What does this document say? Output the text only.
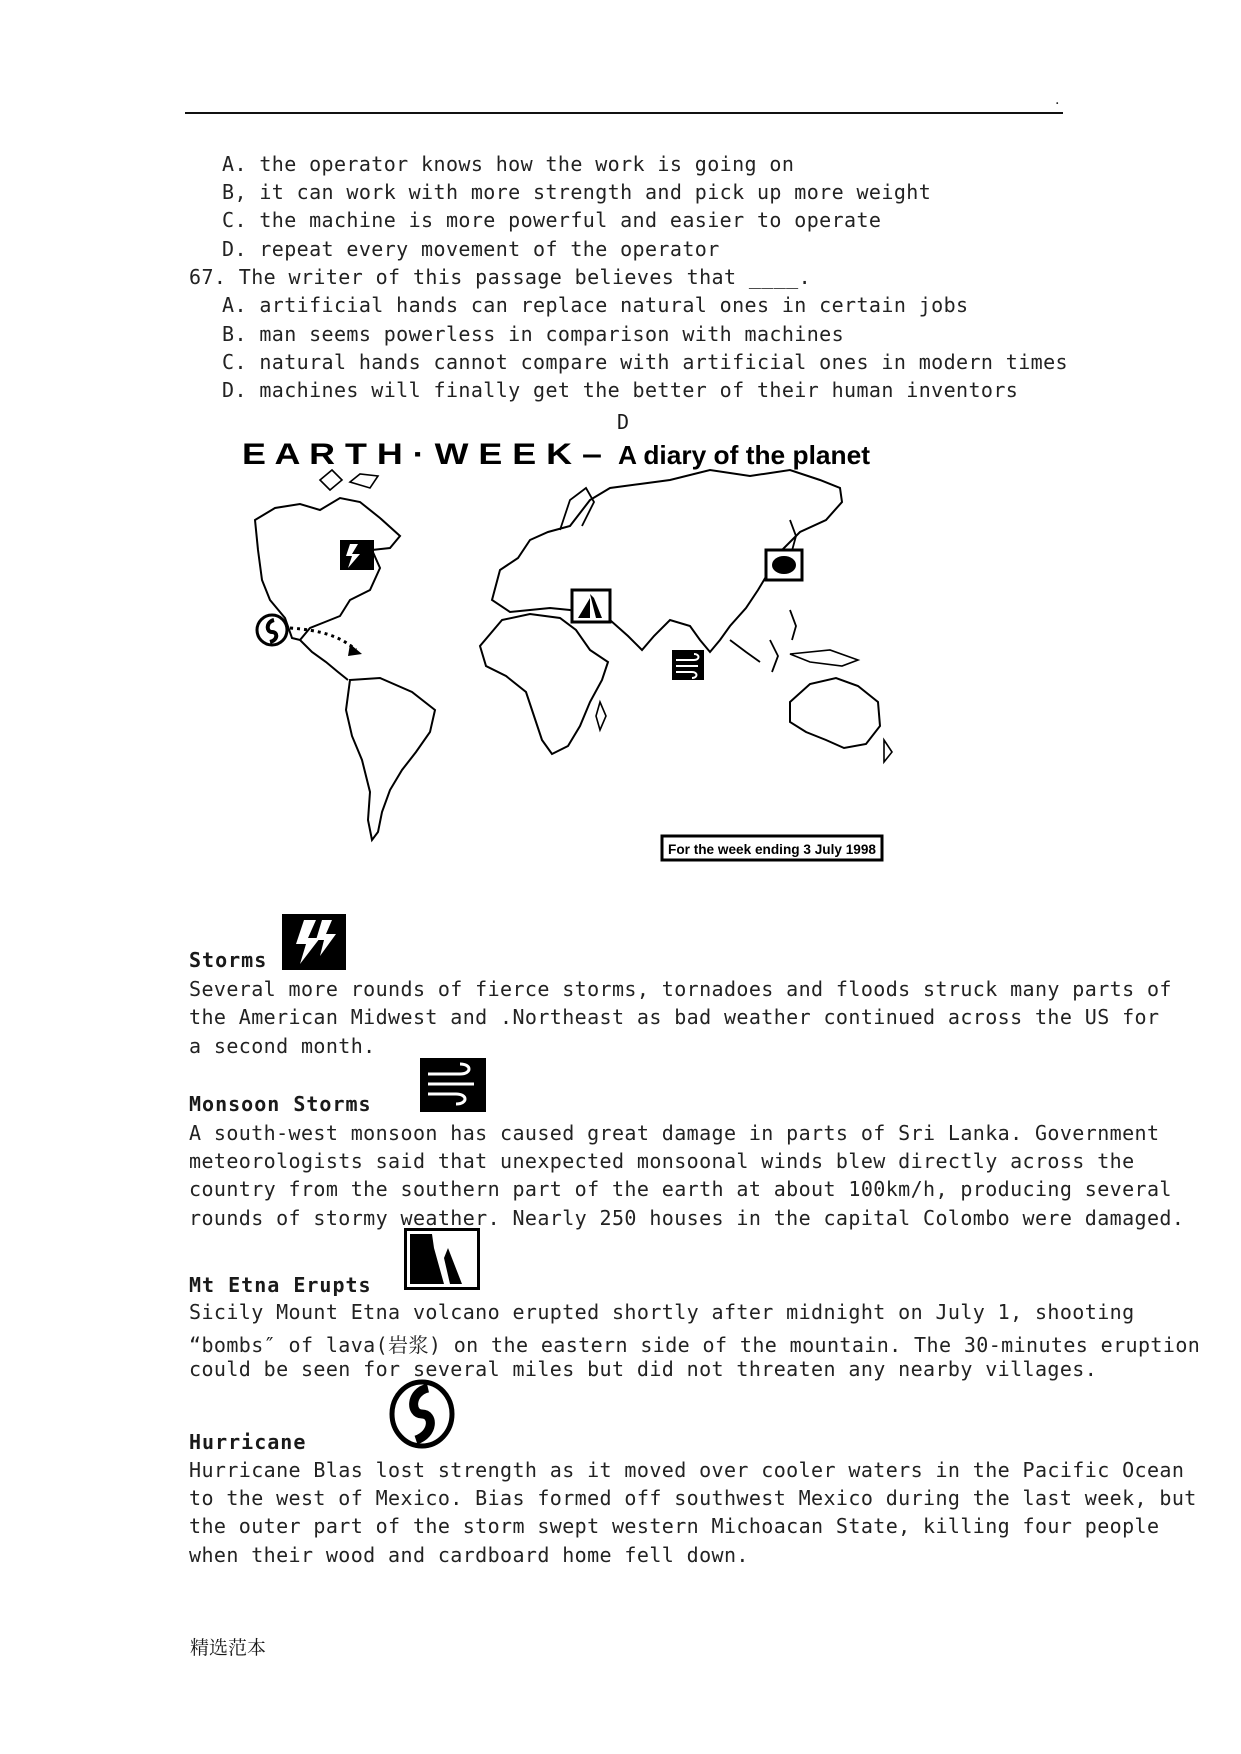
.
A. the operator knows how the work is going on
B, it can work with more strength and pick up more weight
C. the machine is more powerful and easier to operate
D. repeat every movement of the operator
67. The writer of this passage believes that ____.
A. artificial hands can replace natural ones in certain jobs
B. man seems powerless in comparison with machines
C. natural hands cannot compare with artificial ones in modern times
D. machines will finally get the better of their human inventors
D
E A R T H · W E E K – A diary of the planet
For the week ending 3 July 1998
Storms
Several more rounds of fierce storms, tornadoes and floods struck many parts of
the American Midwest and .Northeast as bad weather continued across the US for
a second month.
Monsoon Storms
A south-west monsoon has caused great damage in parts of Sri Lanka. Government
meteorologists said that unexpected monsoonal winds blew directly across the
country from the southern part of the earth at about 100km/h, producing several
rounds of stormy weather. Nearly 250 houses in the capital Colombo were damaged.
Mt Etna Erupts
Sicily Mount Etna volcano erupted shortly after midnight on July 1, shooting
“bombs″ of lava(岩浆) on the eastern side of the mountain. The 30-minutes eruption
could be seen for several miles but did not threaten any nearby villages.
Hurricane
Hurricane Blas lost strength as it moved over cooler waters in the Pacific Ocean
to the west of Mexico. Bias formed off southwest Mexico during the last week, but
the outer part of the storm swept western Michoacan State, killing four people
when their wood and cardboard home fell down.
精选范本
